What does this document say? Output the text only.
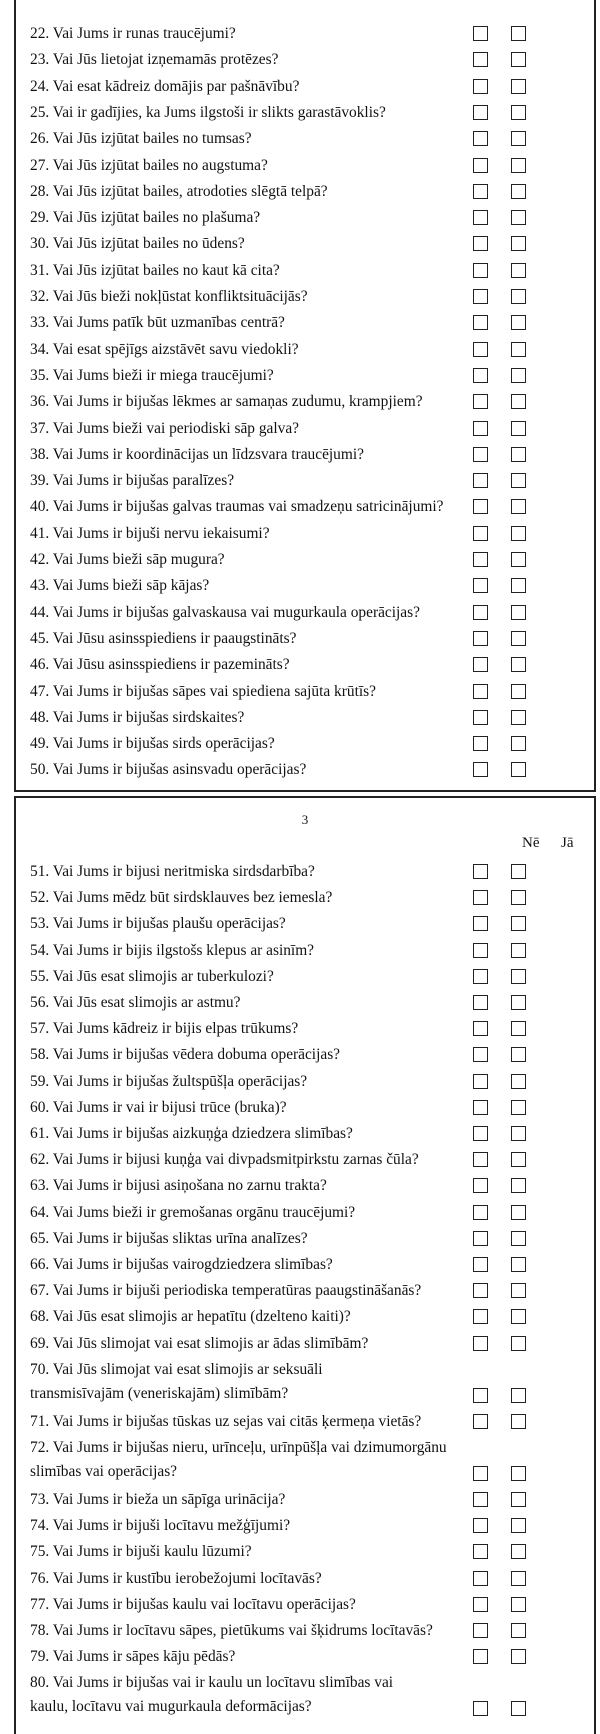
22. Vai Jums ir runas traucējumi?
23. Vai Jūs lietojat izņemamās protēzes?
24. Vai esat kādreiz domājis par pašnāvību?
25. Vai ir gadījies, ka Jums ilgstoši ir slikts garastāvoklis?
26. Vai Jūs izjūtat bailes no tumsas?
27. Vai Jūs izjūtat bailes no augstuma?
28. Vai Jūs izjūtat bailes, atrodoties slēgtā telpā?
29. Vai Jūs izjūtat bailes no plašuma?
30. Vai Jūs izjūtat bailes no ūdens?
31. Vai Jūs izjūtat bailes no kaut kā cita?
32. Vai Jūs bieži nokļūstat konfliktsituācijās?
33. Vai Jums patīk būt uzmanības centrā?
34. Vai esat spējīgs aizstāvēt savu viedokli?
35. Vai Jums bieži ir miega traucējumi?
36. Vai Jums ir bijušas lēkmes ar samaņas zudumu, krampjiem?
37. Vai Jums bieži vai periodiski sāp galva?
38. Vai Jums ir koordinācijas un līdzsvara traucējumi?
39. Vai Jums ir bijušas paralīzes?
40. Vai Jums ir bijušas galvas traumas vai smadzeņu satricinājumi?
41. Vai Jums ir bijuši nervu iekaisumi?
42. Vai Jums bieži sāp mugura?
43. Vai Jums bieži sāp kājas?
44. Vai Jums ir bijušas galvaskausa vai mugurkaula operācijas?
45. Vai Jūsu asinsspiediens ir paaugstināts?
46. Vai Jūsu asinsspiediens ir pazemināts?
47. Vai Jums ir bijušas sāpes vai spiediena sajūta krūtīs?
48. Vai Jums ir bijušas sirdskaites?
49. Vai Jums ir bijušas sirds operācijas?
50. Vai Jums ir bijušas asinsvadu operācijas?
3
Nē Jā
51. Vai Jums ir bijusi neritmiska sirdsdarbība?
52. Vai Jums mēdz būt sirdsklauves bez iemesla?
53. Vai Jums ir bijušas plaušu operācijas?
54. Vai Jums ir bijis ilgstošs klepus ar asinīm?
55. Vai Jūs esat slimojis ar tuberkulozi?
56. Vai Jūs esat slimojis ar astmu?
57. Vai Jums kādreiz ir bijis elpas trūkums?
58. Vai Jums ir bijušas vēdera dobuma operācijas?
59. Vai Jums ir bijušas žultspūšļa operācijas?
60. Vai Jums ir vai ir bijusi trūce (bruka)?
61. Vai Jums ir bijušas aizkuņģa dziedzera slimības?
62. Vai Jums ir bijusi kuņģa vai divpadsmitpirkstu zarnas čūla?
63. Vai Jums ir bijusi asiņošana no zarnu trakta?
64. Vai Jums bieži ir gremošanas orgānu traucējumi?
65. Vai Jums ir bijušas sliktas urīna analīzes?
66. Vai Jums ir bijušas vairogdziedzera slimības?
67. Vai Jums ir bijuši periodiska temperatūras paaugstināšanās?
68. Vai Jūs esat slimojis ar hepatītu (dzelteno kaiti)?
69. Vai Jūs slimojat vai esat slimojis ar ādas slimībām?
70. Vai Jūs slimojat vai esat slimojis ar seksuāli
transmisīvajām (veneriskajām) slimībām?
71. Vai Jums ir bijušas tūskas uz sejas vai citās ķermeņa vietās?
72. Vai Jums ir bijušas nieru, urīnceļu, urīnpūšļa vai dzimumorgānu
slimības vai operācijas?
73. Vai Jums ir bieža un sāpīga urinācija?
74. Vai Jums ir bijuši locītavu mežģījumi?
75. Vai Jums ir bijuši kaulu lūzumi?
76. Vai Jums ir kustību ierobežojumi locītavās?
77. Vai Jums ir bijušas kaulu vai locītavu operācijas?
78. Vai Jums ir locītavu sāpes, pietūkums vai šķidrums locītavās?
79. Vai Jums ir sāpes kāju pēdās?
80. Vai Jums ir bijušas vai ir kaulu un locītavu slimības vai
kaulu, locītavu vai mugurkaula deformācijas?
